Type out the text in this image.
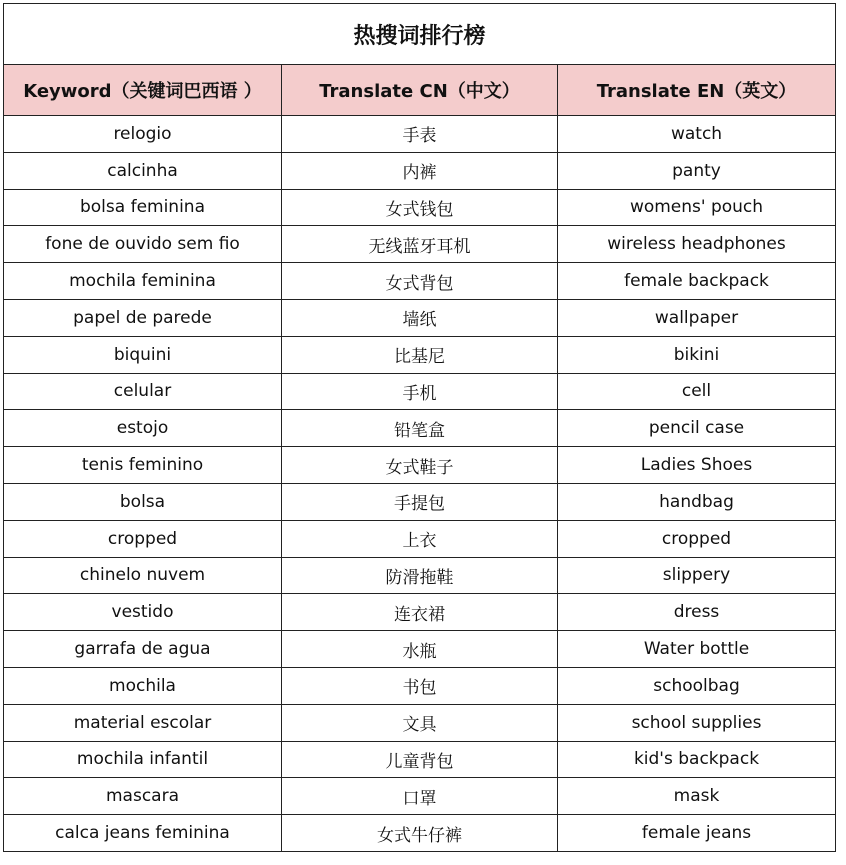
热搜词排行榜		
Keyword（关键词巴西语 ）	Translate CN（中文）	Translate EN（英文）
relogio	手表	watch
calcinha	内裤	panty
bolsa feminina	女式钱包	womens' pouch
fone de ouvido sem fio	无线蓝牙耳机	wireless headphones
mochila feminina	女式背包	female backpack
papel de parede	墙纸	wallpaper
biquini	比基尼	bikini
celular	手机	cell
estojo	铅笔盒	pencil case
tenis feminino	女式鞋子	Ladies Shoes
bolsa	手提包	handbag
cropped	上衣	cropped
chinelo nuvem	防滑拖鞋	slippery
vestido	连衣裙	dress
garrafa de agua	水瓶	Water bottle
mochila	书包	schoolbag
material escolar	文具	school supplies
mochila infantil	儿童背包	kid's backpack
mascara	口罩	mask
calca jeans feminina	女式牛仔裤	female jeans
